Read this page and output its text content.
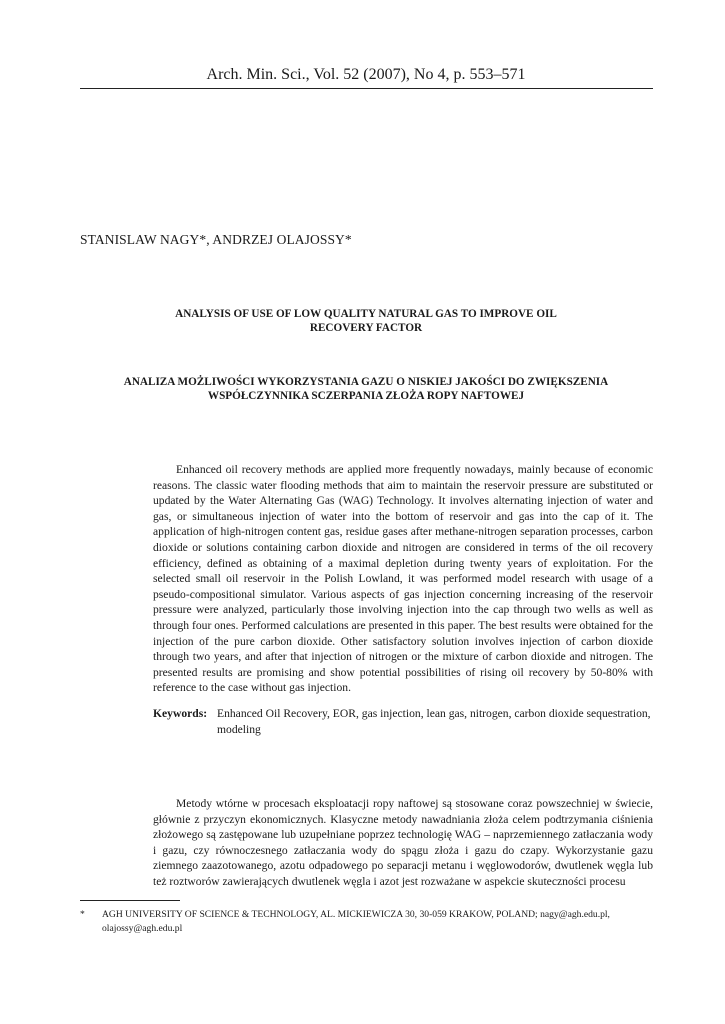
Arch. Min. Sci., Vol. 52 (2007), No 4, p. 553–571
STANISLAW NAGY*, ANDRZEJ OLAJOSSY*
ANALYSIS OF USE OF LOW QUALITY NATURAL GAS TO IMPROVE OIL
RECOVERY FACTOR
ANALIZA MOŻLIWOŚCI WYKORZYSTANIA GAZU O NISKIEJ JAKOŚCI DO ZWIĘKSZENIA
WSPÓŁCZYNNIKA SCZERPANIA ZŁOŻA ROPY NAFTOWEJ

Enhanced oil recovery methods are applied more frequently nowadays, mainly because of economic reasons. The classic water flooding methods that aim to maintain the reservoir pressure are substituted or updated by the Water Alternating Gas (WAG) Technology. It involves alternating injection of water and gas, or simultaneous injection of water into the bottom of reservoir and gas into the cap of it. The application of high-nitrogen content gas, residue gases after methane-nitrogen separation processes, carbon dioxide or solutions containing carbon dioxide and nitrogen are considered in terms of the oil recovery efficiency, defined as obtaining of a maximal depletion during twenty years of exploitation. For the selected small oil reservoir in the Polish Lowland, it was performed model research with usage of a pseudo-compositional simulator. Various aspects of gas injection concerning increasing of the reservoir pressure were analyzed, particularly those involving injection into the cap through two wells as well as through four ones. Performed calculations are presented in this paper. The best results were obtained for the injection of the pure carbon dioxide. Other satisfactory solution involves injection of carbon dioxide through two years, and after that injection of nitrogen or the mixture of carbon dioxide and nitrogen. The presented results are promising and show potential possibilities of rising oil recovery by 50-80% with reference to the case without gas injection.

Keywords: Enhanced Oil Recovery, EOR, gas injection, lean gas, nitrogen, carbon dioxide sequestration, modeling

Metody wtórne w procesach eksploatacji ropy naftowej są stosowane coraz powszechniej w świecie, głównie z przyczyn ekonomicznych. Klasyczne metody nawadniania złoża celem podtrzymania ciśnienia złożowego są zastępowane lub uzupełniane poprzez technologię WAG – naprzemiennego zatłaczania wody i gazu, czy równoczesnego zatłaczania wody do spągu złoża i gazu do czapy. Wykorzystanie gazu ziemnego zaazotowanego, azotu odpadowego po separacji metanu i węglowodorów, dwutlenek węgla lub też roztworów zawierających dwutlenek węgla i azot jest rozważane w aspekcie skuteczności procesu

*	AGH UNIVERSITY OF SCIENCE & TECHNOLOGY, AL. MICKIEWICZA 30, 30-059 KRAKOW, POLAND; nagy@agh.edu.pl, olajossy@agh.edu.pl
